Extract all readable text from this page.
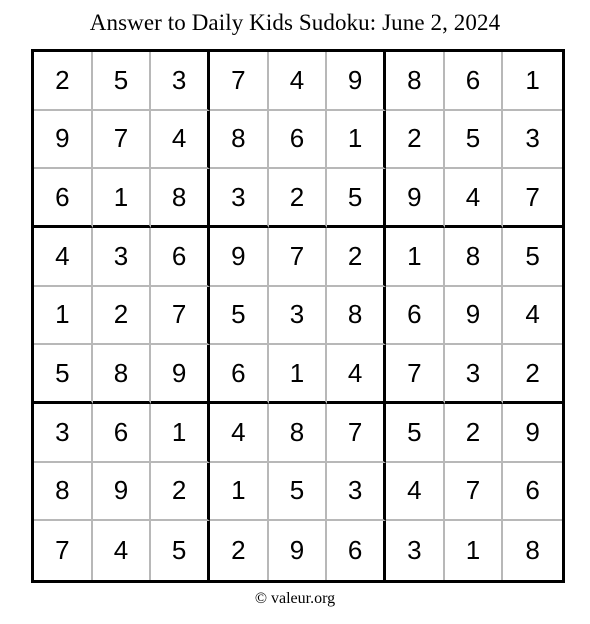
Answer to Daily Kids Sudoku: June 2, 2024
2	5	3	7	4	9	8	6	1
9	7	4	8	6	1	2	5	3
6	1	8	3	2	5	9	4	7
4	3	6	9	7	2	1	8	5
1	2	7	5	3	8	6	9	4
5	8	9	6	1	4	7	3	2
3	6	1	4	8	7	5	2	9
8	9	2	1	5	3	4	7	6
7	4	5	2	9	6	3	1	8
© valeur.org
